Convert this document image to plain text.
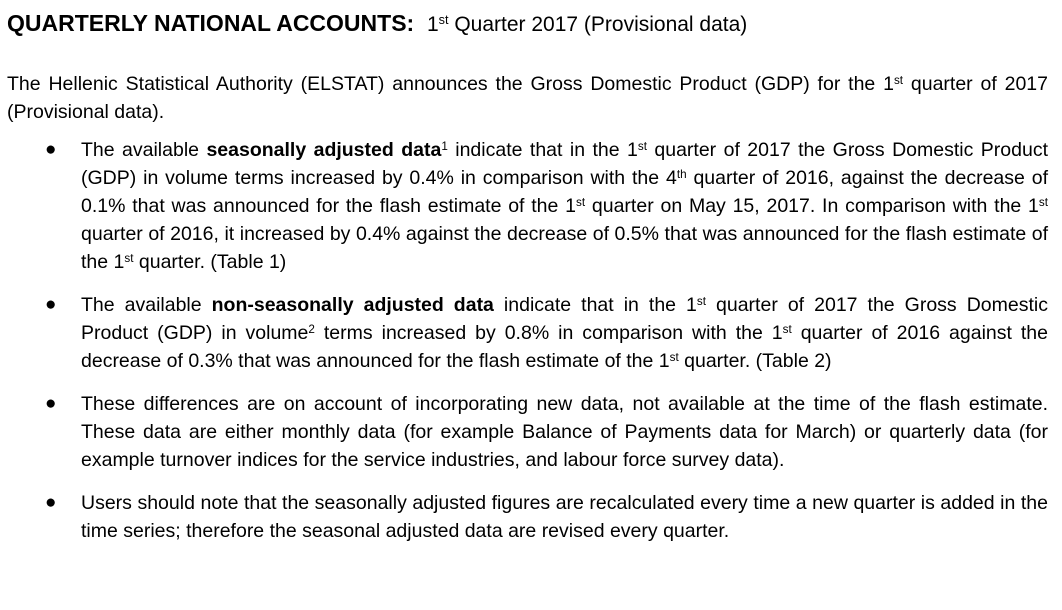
QUARTERLY NATIONAL ACCOUNTS: 1st Quarter 2017 (Provisional data)

The Hellenic Statistical Authority (ELSTAT) announces the Gross Domestic Product (GDP) for the 1st quarter of 2017 (Provisional data).

● The available seasonally adjusted data$^1$ indicate that in the 1st quarter of 2017 the Gross Domestic Product (GDP) in volume terms increased by 0.4% in comparison with the 4th quarter of 2016, against the decrease of 0.1% that was announced for the flash estimate of the 1st quarter on May 15, 2017. In comparison with the 1st quarter of 2016, it increased by 0.4% against the decrease of 0.5% that was announced for the flash estimate of the 1st quarter. (Table 1)
● The available non-seasonally adjusted data indicate that in the 1st quarter of 2017 the Gross Domestic Product (GDP) in volume$^2$ terms increased by 0.8% in comparison with the 1st quarter of 2016 against the decrease of 0.3% that was announced for the flash estimate of the 1st quarter. (Table 2)
● These differences are on account of incorporating new data, not available at the time of the flash estimate. These data are either monthly data (for example Balance of Payments data for March) or quarterly data (for example turnover indices for the service industries, and labour force survey data).
● Users should note that the seasonally adjusted figures are recalculated every time a new quarter is added in the time series; therefore the seasonal adjusted data are revised every quarter.
